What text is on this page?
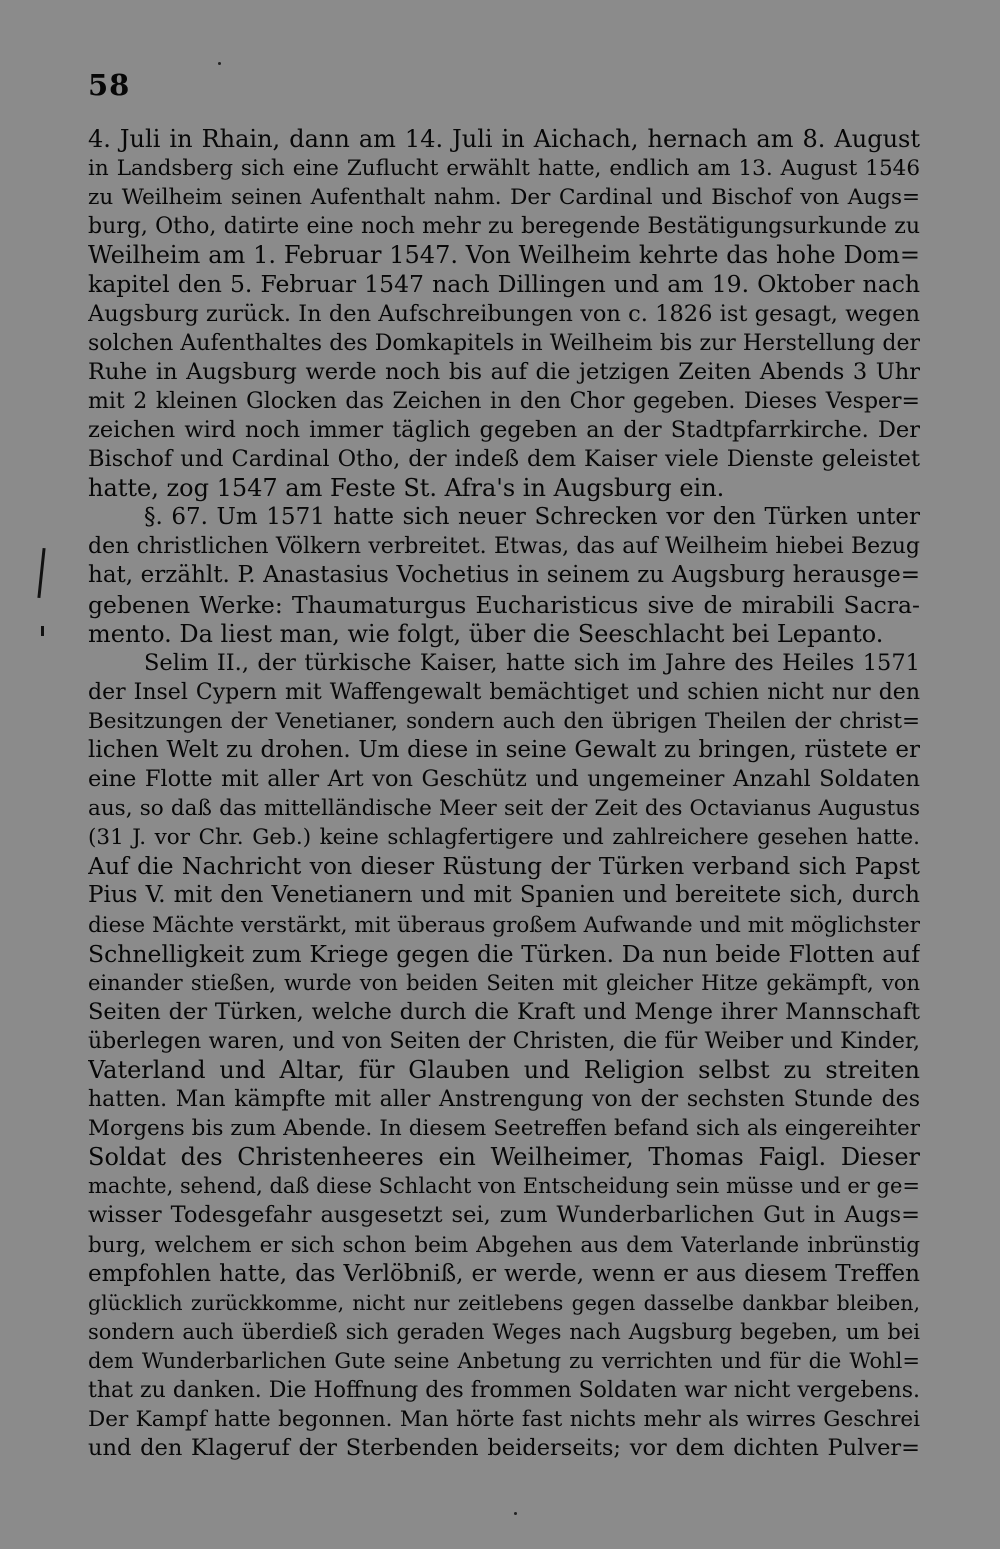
58
4. Juli in Rhain, dann am 14. Juli in Aichach, hernach am 8. August
in Landsberg sich eine Zuflucht erwählt hatte, endlich am 13. August 1546
zu Weilheim seinen Aufenthalt nahm. Der Cardinal und Bischof von Augs=
burg, Otho, datirte eine noch mehr zu beregende Bestätigungsurkunde zu
Weilheim am 1. Februar 1547. Von Weilheim kehrte das hohe Dom=
kapitel den 5. Februar 1547 nach Dillingen und am 19. Oktober nach
Augsburg zurück. In den Aufschreibungen von c. 1826 ist gesagt, wegen
solchen Aufenthaltes des Domkapitels in Weilheim bis zur Herstellung der
Ruhe in Augsburg werde noch bis auf die jetzigen Zeiten Abends 3 Uhr
mit 2 kleinen Glocken das Zeichen in den Chor gegeben. Dieses Vesper=
zeichen wird noch immer täglich gegeben an der Stadtpfarrkirche. Der
Bischof und Cardinal Otho, der indeß dem Kaiser viele Dienste geleistet
hatte, zog 1547 am Feste St. Afra's in Augsburg ein.
§. 67. Um 1571 hatte sich neuer Schrecken vor den Türken unter
den christlichen Völkern verbreitet. Etwas, das auf Weilheim hiebei Bezug
hat, erzählt. P. Anastasius Vochetius in seinem zu Augsburg herausge=
gebenen Werke: Thaumaturgus Eucharisticus sive de mirabili Sacra-
mento. Da liest man, wie folgt, über die Seeschlacht bei Lepanto.
Selim II., der türkische Kaiser, hatte sich im Jahre des Heiles 1571
der Insel Cypern mit Waffengewalt bemächtiget und schien nicht nur den
Besitzungen der Venetianer, sondern auch den übrigen Theilen der christ=
lichen Welt zu drohen. Um diese in seine Gewalt zu bringen, rüstete er
eine Flotte mit aller Art von Geschütz und ungemeiner Anzahl Soldaten
aus, so daß das mittelländische Meer seit der Zeit des Octavianus Augustus
(31 J. vor Chr. Geb.) keine schlagfertigere und zahlreichere gesehen hatte.
Auf die Nachricht von dieser Rüstung der Türken verband sich Papst
Pius V. mit den Venetianern und mit Spanien und bereitete sich, durch
diese Mächte verstärkt, mit überaus großem Aufwande und mit möglichster
Schnelligkeit zum Kriege gegen die Türken. Da nun beide Flotten auf
einander stießen, wurde von beiden Seiten mit gleicher Hitze gekämpft, von
Seiten der Türken, welche durch die Kraft und Menge ihrer Mannschaft
überlegen waren, und von Seiten der Christen, die für Weiber und Kinder,
Vaterland und Altar, für Glauben und Religion selbst zu streiten
hatten. Man kämpfte mit aller Anstrengung von der sechsten Stunde des
Morgens bis zum Abende. In diesem Seetreffen befand sich als eingereihter
Soldat des Christenheeres ein Weilheimer, Thomas Faigl. Dieser
machte, sehend, daß diese Schlacht von Entscheidung sein müsse und er ge=
wisser Todesgefahr ausgesetzt sei, zum Wunderbarlichen Gut in Augs=
burg, welchem er sich schon beim Abgehen aus dem Vaterlande inbrünstig
empfohlen hatte, das Verlöbniß, er werde, wenn er aus diesem Treffen
glücklich zurückkomme, nicht nur zeitlebens gegen dasselbe dankbar bleiben,
sondern auch überdieß sich geraden Weges nach Augsburg begeben, um bei
dem Wunderbarlichen Gute seine Anbetung zu verrichten und für die Wohl=
that zu danken. Die Hoffnung des frommen Soldaten war nicht vergebens.
Der Kampf hatte begonnen. Man hörte fast nichts mehr als wirres Geschrei
und den Klageruf der Sterbenden beiderseits; vor dem dichten Pulver=
